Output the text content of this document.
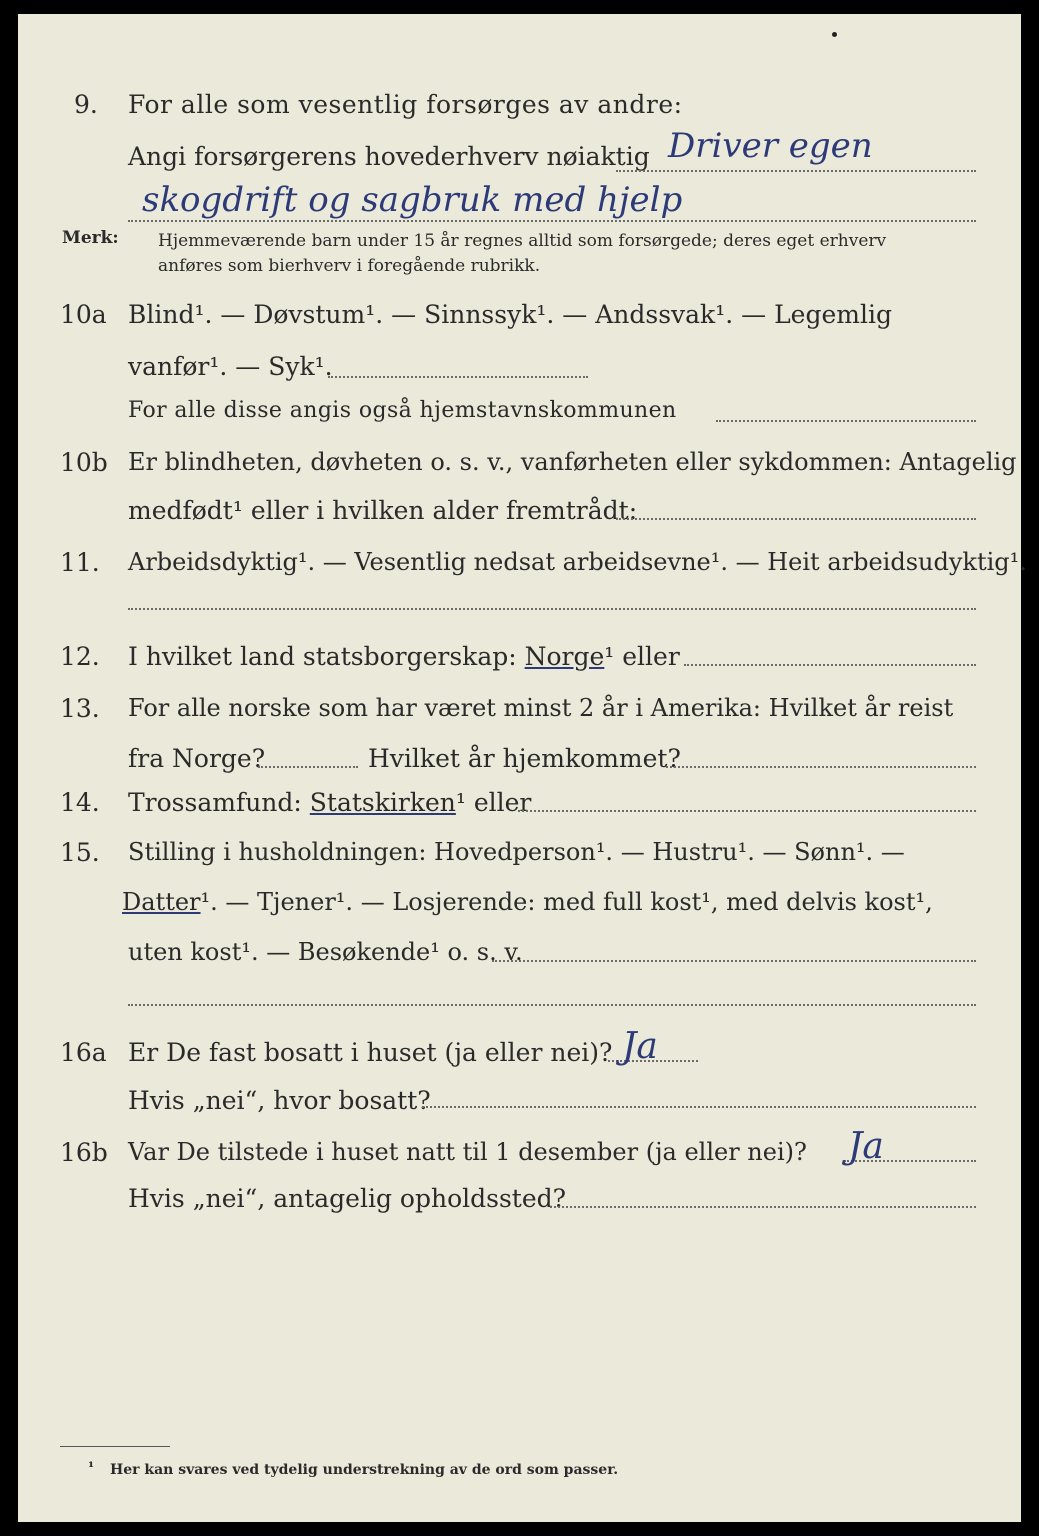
9. For alle som vesentlig forsørges av andre:
Angi forsørgerens hovederhverv nøiaktig Driver egen
skogdrift og sagbruk med hjelp
Merk: Hjemmeværende barn under 15 år regnes alltid som forsørgede; deres eget erhverv
anføres som bierhverv i foregående rubrikk.
10a Blind¹. — Døvstum¹. — Sinnssyk¹. — Andssvak¹. — Legemlig
vanfør¹. — Syk¹.
For alle disse angis også hjemstavnskommunen
10b Er blindheten, døvheten o. s. v., vanførheten eller sykdommen: Antagelig
medfødt¹ eller i hvilken alder fremtrådt:
11. Arbeidsdyktig¹. — Vesentlig nedsat arbeidsevne¹. — Heit arbeidsudyktig¹.
12. I hvilket land statsborgerskap: Norge¹ eller
13. For alle norske som har været minst 2 år i Amerika: Hvilket år reist
fra Norge?	Hvilket år hjemkommet?
14. Trossamfund: Statskirken¹ eller
15. Stilling i husholdningen: Hovedperson¹. — Hustru¹. — Sønn¹. —
Datter¹. — Tjener¹. — Losjerende: med full kost¹, med delvis kost¹,
uten kost¹. — Besøkende¹ o. s. v.
16a Er De fast bosatt i huset (ja eller nei)? Ja
Hvis „nei“, hvor bosatt?
16b Var De tilstede i huset natt til 1 desember (ja eller nei)? Ja
Hvis „nei“, antagelig opholdssted?
¹ Her kan svares ved tydelig understrekning av de ord som passer.
